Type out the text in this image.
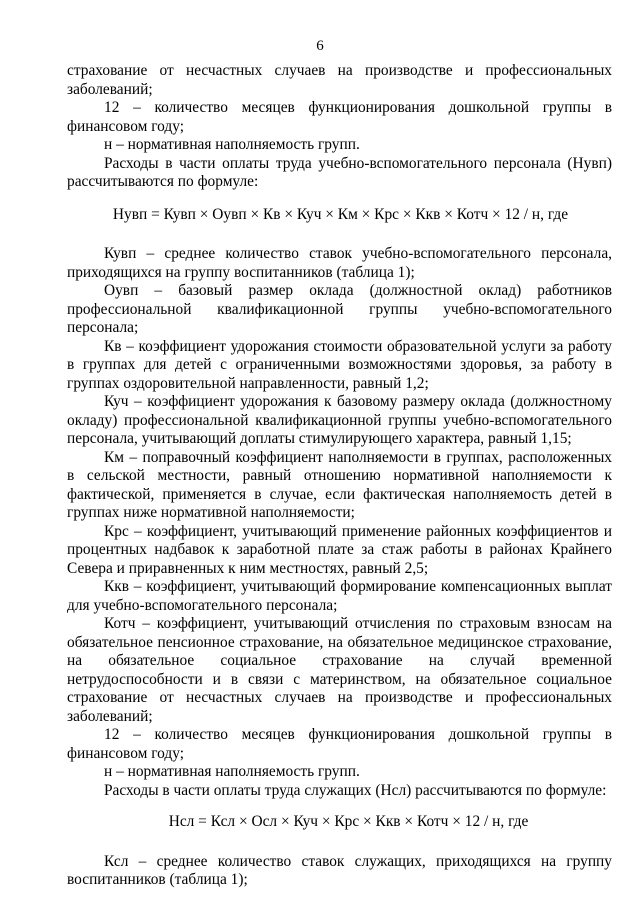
6

страхование от несчастных случаев на производстве и профессиональных заболеваний;

12 – количество месяцев функционирования дошкольной группы в финансовом году;

н – нормативная наполняемость групп.

Расходы в части оплаты труда учебно-вспомогательного персонала (Нувп) рассчитываются по формуле:

Нувп = Кувп × Оувп × Кв × Куч × Км × Крс × Ккв × Котч × 12 / н, где

Кувп – среднее количество ставок учебно-вспомогательного персонала, приходящихся на группу воспитанников (таблица 1);

Оувп – базовый размер оклада (должностной оклад) работников профессиональной квалификационной группы учебно-вспомогательного персонала;

Кв – коэффициент удорожания стоимости образовательной услуги за работу в группах для детей с ограниченными возможностями здоровья, за работу в группах оздоровительной направленности, равный 1,2;

Куч – коэффициент удорожания к базовому размеру оклада (должностному окладу) профессиональной квалификационной группы учебно-вспомогательного персонала, учитывающий доплаты стимулирующего характера, равный 1,15;

Км – поправочный коэффициент наполняемости в группах, расположенных в сельской местности, равный отношению нормативной наполняемости к фактической, применяется в случае, если фактическая наполняемость детей в группах ниже нормативной наполняемости;

Крс – коэффициент, учитывающий применение районных коэффициентов и процентных надбавок к заработной плате за стаж работы в районах Крайнего Севера и приравненных к ним местностях, равный 2,5;

Ккв – коэффициент, учитывающий формирование компенсационных выплат для учебно-вспомогательного персонала;

Котч – коэффициент, учитывающий отчисления по страховым взносам на обязательное пенсионное страхование, на обязательное медицинское страхование, на обязательное социальное страхование на случай временной нетрудоспособности и в связи с материнством, на обязательное социальное страхование от несчастных случаев на производстве и профессиональных заболеваний;

12 – количество месяцев функционирования дошкольной группы в финансовом году;

н – нормативная наполняемость групп.

Расходы в части оплаты труда служащих (Нсл) рассчитываются по формуле:

Нсл = Ксл × Осл × Куч × Крс × Ккв × Котч × 12 / н, где

Ксл – среднее количество ставок служащих, приходящихся на группу воспитанников (таблица 1);
